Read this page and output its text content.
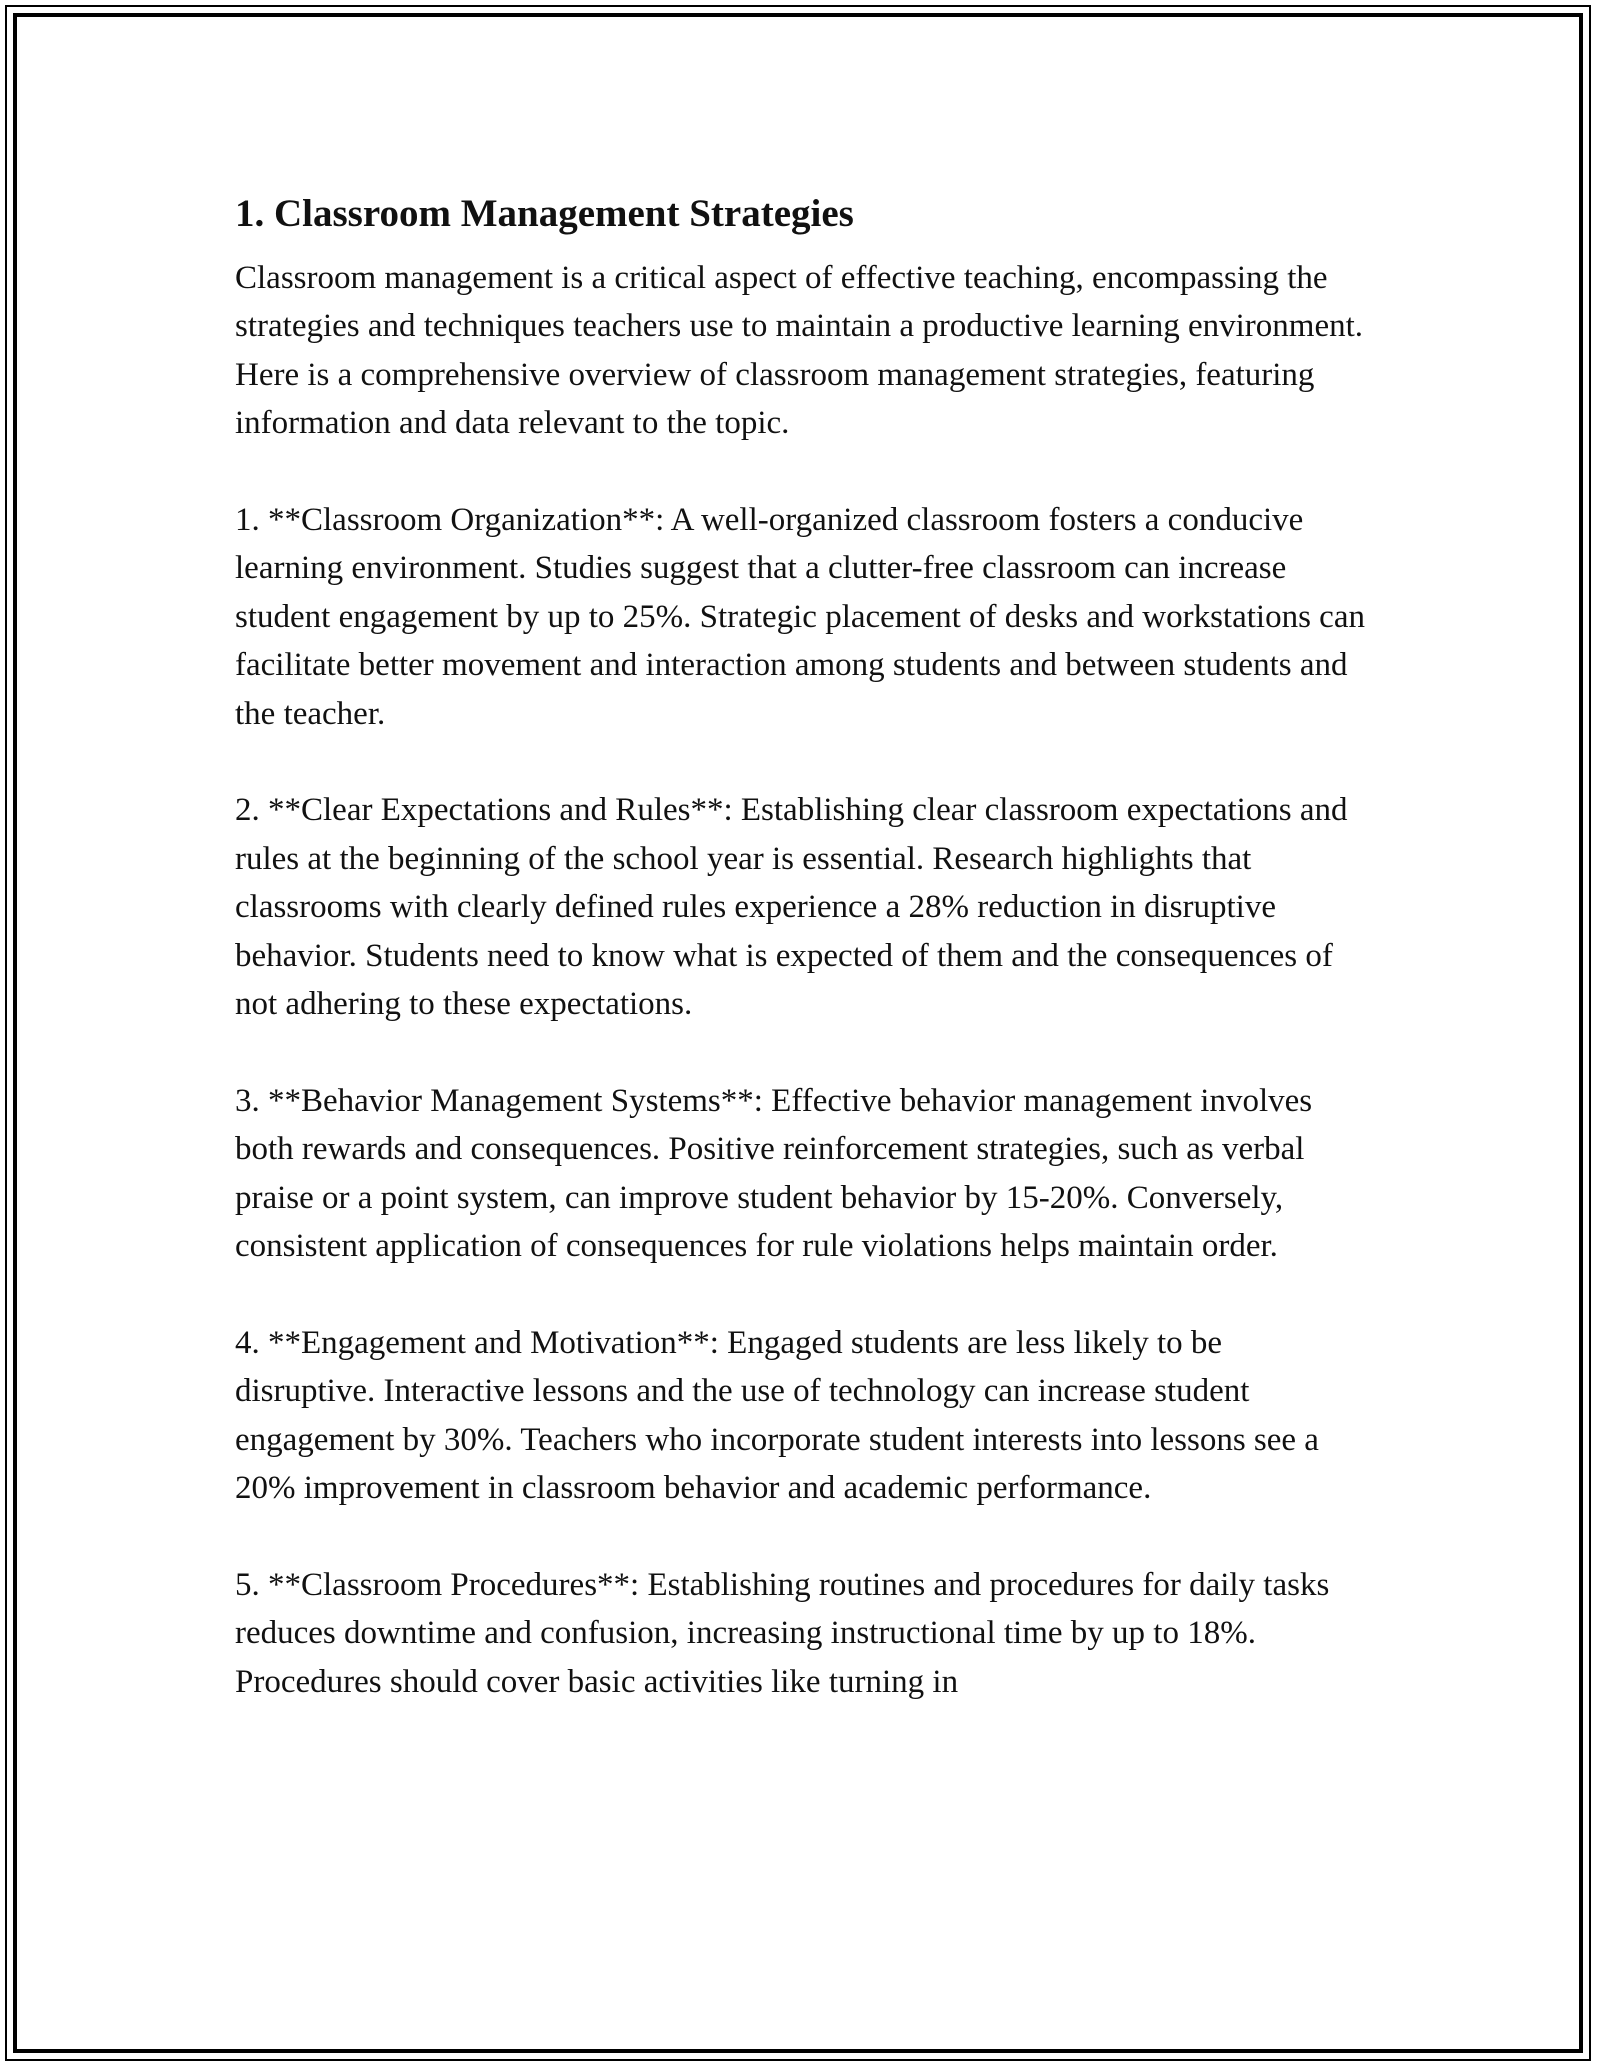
1. Classroom Management Strategies

Classroom management is a critical aspect of effective teaching, encompassing the strategies and techniques teachers use to maintain a productive learning environment. Here is a comprehensive overview of classroom management strategies, featuring information and data relevant to the topic.

1. **Classroom Organization**: A well-organized classroom fosters a conducive learning environment. Studies suggest that a clutter-free classroom can increase student engagement by up to 25%. Strategic placement of desks and workstations can facilitate better movement and interaction among students and between students and the teacher.

2. **Clear Expectations and Rules**: Establishing clear classroom expectations and rules at the beginning of the school year is essential. Research highlights that classrooms with clearly defined rules experience a 28% reduction in disruptive behavior. Students need to know what is expected of them and the consequences of not adhering to these expectations.

3. **Behavior Management Systems**: Effective behavior management involves both rewards and consequences. Positive reinforcement strategies, such as verbal praise or a point system, can improve student behavior by 15-20%. Conversely, consistent application of consequences for rule violations helps maintain order.

4. **Engagement and Motivation**: Engaged students are less likely to be disruptive. Interactive lessons and the use of technology can increase student engagement by 30%. Teachers who incorporate student interests into lessons see a 20% improvement in classroom behavior and academic performance.

5. **Classroom Procedures**: Establishing routines and procedures for daily tasks reduces downtime and confusion, increasing instructional time by up to 18%. Procedures should cover basic activities like turning in
